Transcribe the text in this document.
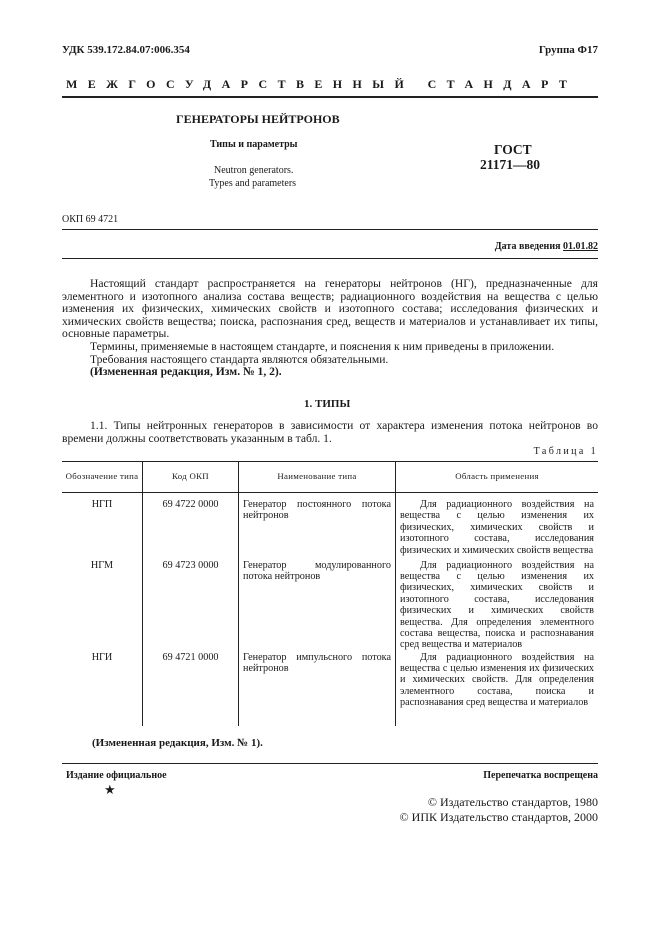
УДК 539.172.84.07:006.354	Группа Ф17
МЕЖГОСУДАРСТВЕННЫЙ СТАНДАРТ
ГЕНЕРАТОРЫ НЕЙТРОНОВ
Типы и параметры
Neutron generators.
Types and parameters
ГОСТ
21171—80
ОКП 69 4721
Дата введения 01.01.82

Настоящий стандарт распространяется на генераторы нейтронов (НГ), предназначенные для элементного и изотопного анализа состава веществ; радиационного воздействия на вещества с целью изменения их физических, химических свойств и изотопного состава; исследования физических и химических свойств вещества; поиска, распознания сред, веществ и материалов и устанавливает их типы, основные параметры.

Термины, применяемые в настоящем стандарте, и пояснения к ним приведены в приложении.

Требования настоящего стандарта являются обязательными.

(Измененная редакция, Изм. № 1, 2).

1. ТИПЫ

1.1. Типы нейтронных генераторов в зависимости от характера изменения потока нейтронов во времени должны соответствовать указанным в табл. 1.

Таблица 1
Обозначение типа	Код ОКП	Наименование типа	Область применения
НГП	69 4722 0000	Генератор постоянного потока нейтронов	Для радиационного воздействия на вещества с целью изменения их физических, химических свойств и изотопного состава, исследования физических и химических свойств вещества
НГМ	69 4723 0000	Генератор модулированного потока нейтронов	Для радиационного воздействия на вещества с целью изменения их физических, химических свойств и изотопного состава, исследования физических и химических свойств вещества. Для определения элементного состава вещества, поиска и распознавания сред вещества и материалов
НГИ	69 4721 0000	Генератор импульсного потока нейтронов	Для радиационного воздействия на вещества с целью изменения их физических и химических свойств. Для определения элементного состава, поиска и распознавания сред вещества и материалов
(Измененная редакция, Изм. № 1).
Издание официальное	Перепечатка воспрещена
★
© Издательство стандартов, 1980
© ИПК Издательство стандартов, 2000
